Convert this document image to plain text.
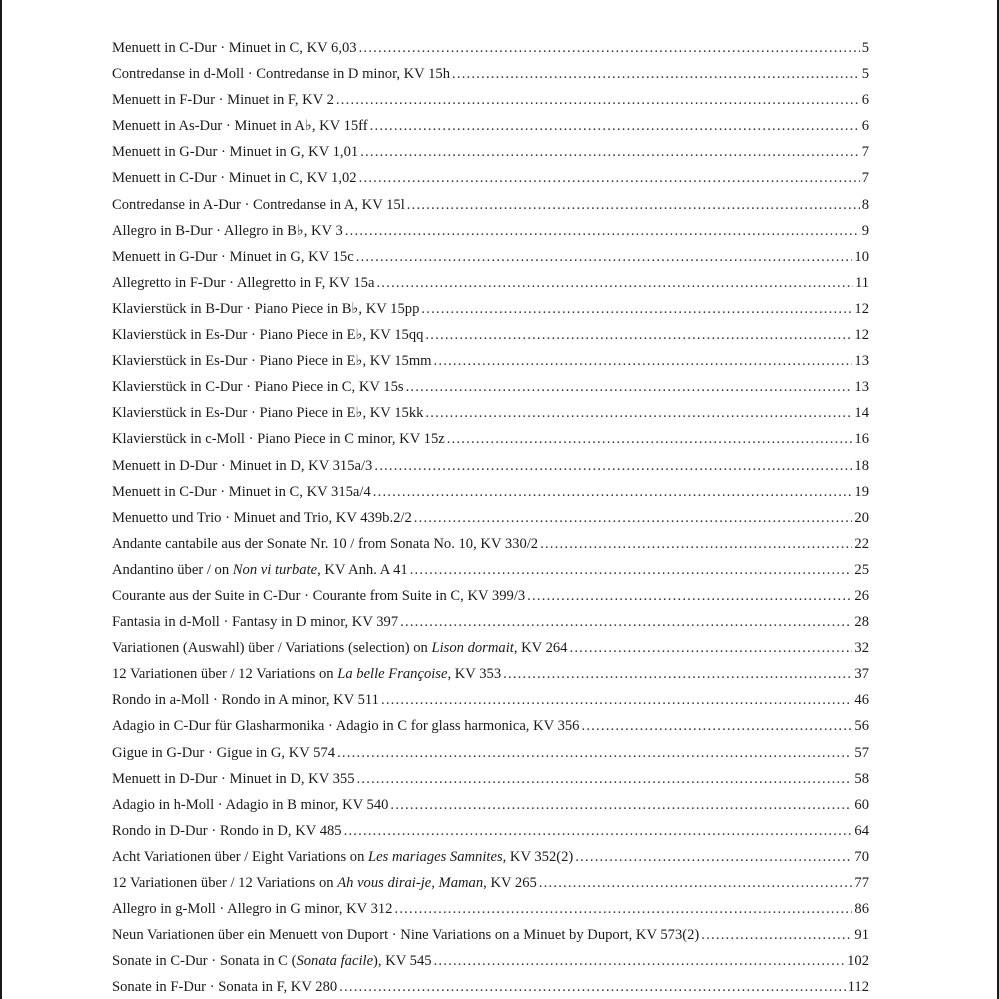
Menuett in C-Dur · Minuet in C, KV 6,03 .....	5
Contredanse in d-Moll · Contredanse in D minor, KV 15h .....	5
Menuett in F-Dur · Minuet in F, KV 2 .....	6
Menuett in As-Dur · Minuet in A♭, KV 15ff .....	6
Menuett in G-Dur · Minuet in G, KV 1,01 .....	7
Menuett in C-Dur · Minuet in C, KV 1,02 .....	7
Contredanse in A-Dur · Contredanse in A, KV 15l .....	8
Allegro in B-Dur · Allegro in B♭, KV 3 .....	9
Menuett in G-Dur · Minuet in G, KV 15c .....	10
Allegretto in F-Dur · Allegretto in F, KV 15a .....	11
Klavierstück in B-Dur · Piano Piece in B♭, KV 15pp .....	12
Klavierstück in Es-Dur · Piano Piece in E♭, KV 15qq .....	12
Klavierstück in Es-Dur · Piano Piece in E♭, KV 15mm .....	13
Klavierstück in C-Dur · Piano Piece in C, KV 15s .....	13
Klavierstück in Es-Dur · Piano Piece in E♭, KV 15kk .....	14
Klavierstück in c-Moll · Piano Piece in C minor, KV 15z .....	16
Menuett in D-Dur · Minuet in D, KV 315a/3 .....	18
Menuett in C-Dur · Minuet in C, KV 315a/4 .....	19
Menuetto und Trio · Minuet and Trio, KV 439b.2/2 .....	20
Andante cantabile aus der Sonate Nr. 10 / from Sonata No. 10, KV 330/2 .....	22
Andantino über / on Non vi turbate, KV Anh. A 41 .....	25
Courante aus der Suite in C-Dur · Courante from Suite in C, KV 399/3 .....	26
Fantasia in d-Moll · Fantasy in D minor, KV 397 .....	28
Variationen (Auswahl) über / Variations (selection) on Lison dormait, KV 264 .....	32
12 Variationen über / 12 Variations on La belle Françoise, KV 353 .....	37
Rondo in a-Moll · Rondo in A minor, KV 511 .....	46
Adagio in C-Dur für Glasharmonika · Adagio in C for glass harmonica, KV 356 .....	56
Gigue in G-Dur · Gigue in G, KV 574 .....	57
Menuett in D-Dur · Minuet in D, KV 355 .....	58
Adagio in h-Moll · Adagio in B minor, KV 540 .....	60
Rondo in D-Dur · Rondo in D, KV 485 .....	64
Acht Variationen über / Eight Variations on Les mariages Samnites, KV 352(2) .....	70
12 Variationen über / 12 Variations on Ah vous dirai-je, Maman, KV 265 .....	77
Allegro in g-Moll · Allegro in G minor, KV 312 .....	86
Neun Variationen über ein Menuett von Duport · Nine Variations on a Minuet by Duport, KV 573(2) .....	91
Sonate in C-Dur · Sonata in C (Sonata facile), KV 545 .....	102
Sonate in F-Dur · Sonata in F, KV 280 .....	112
